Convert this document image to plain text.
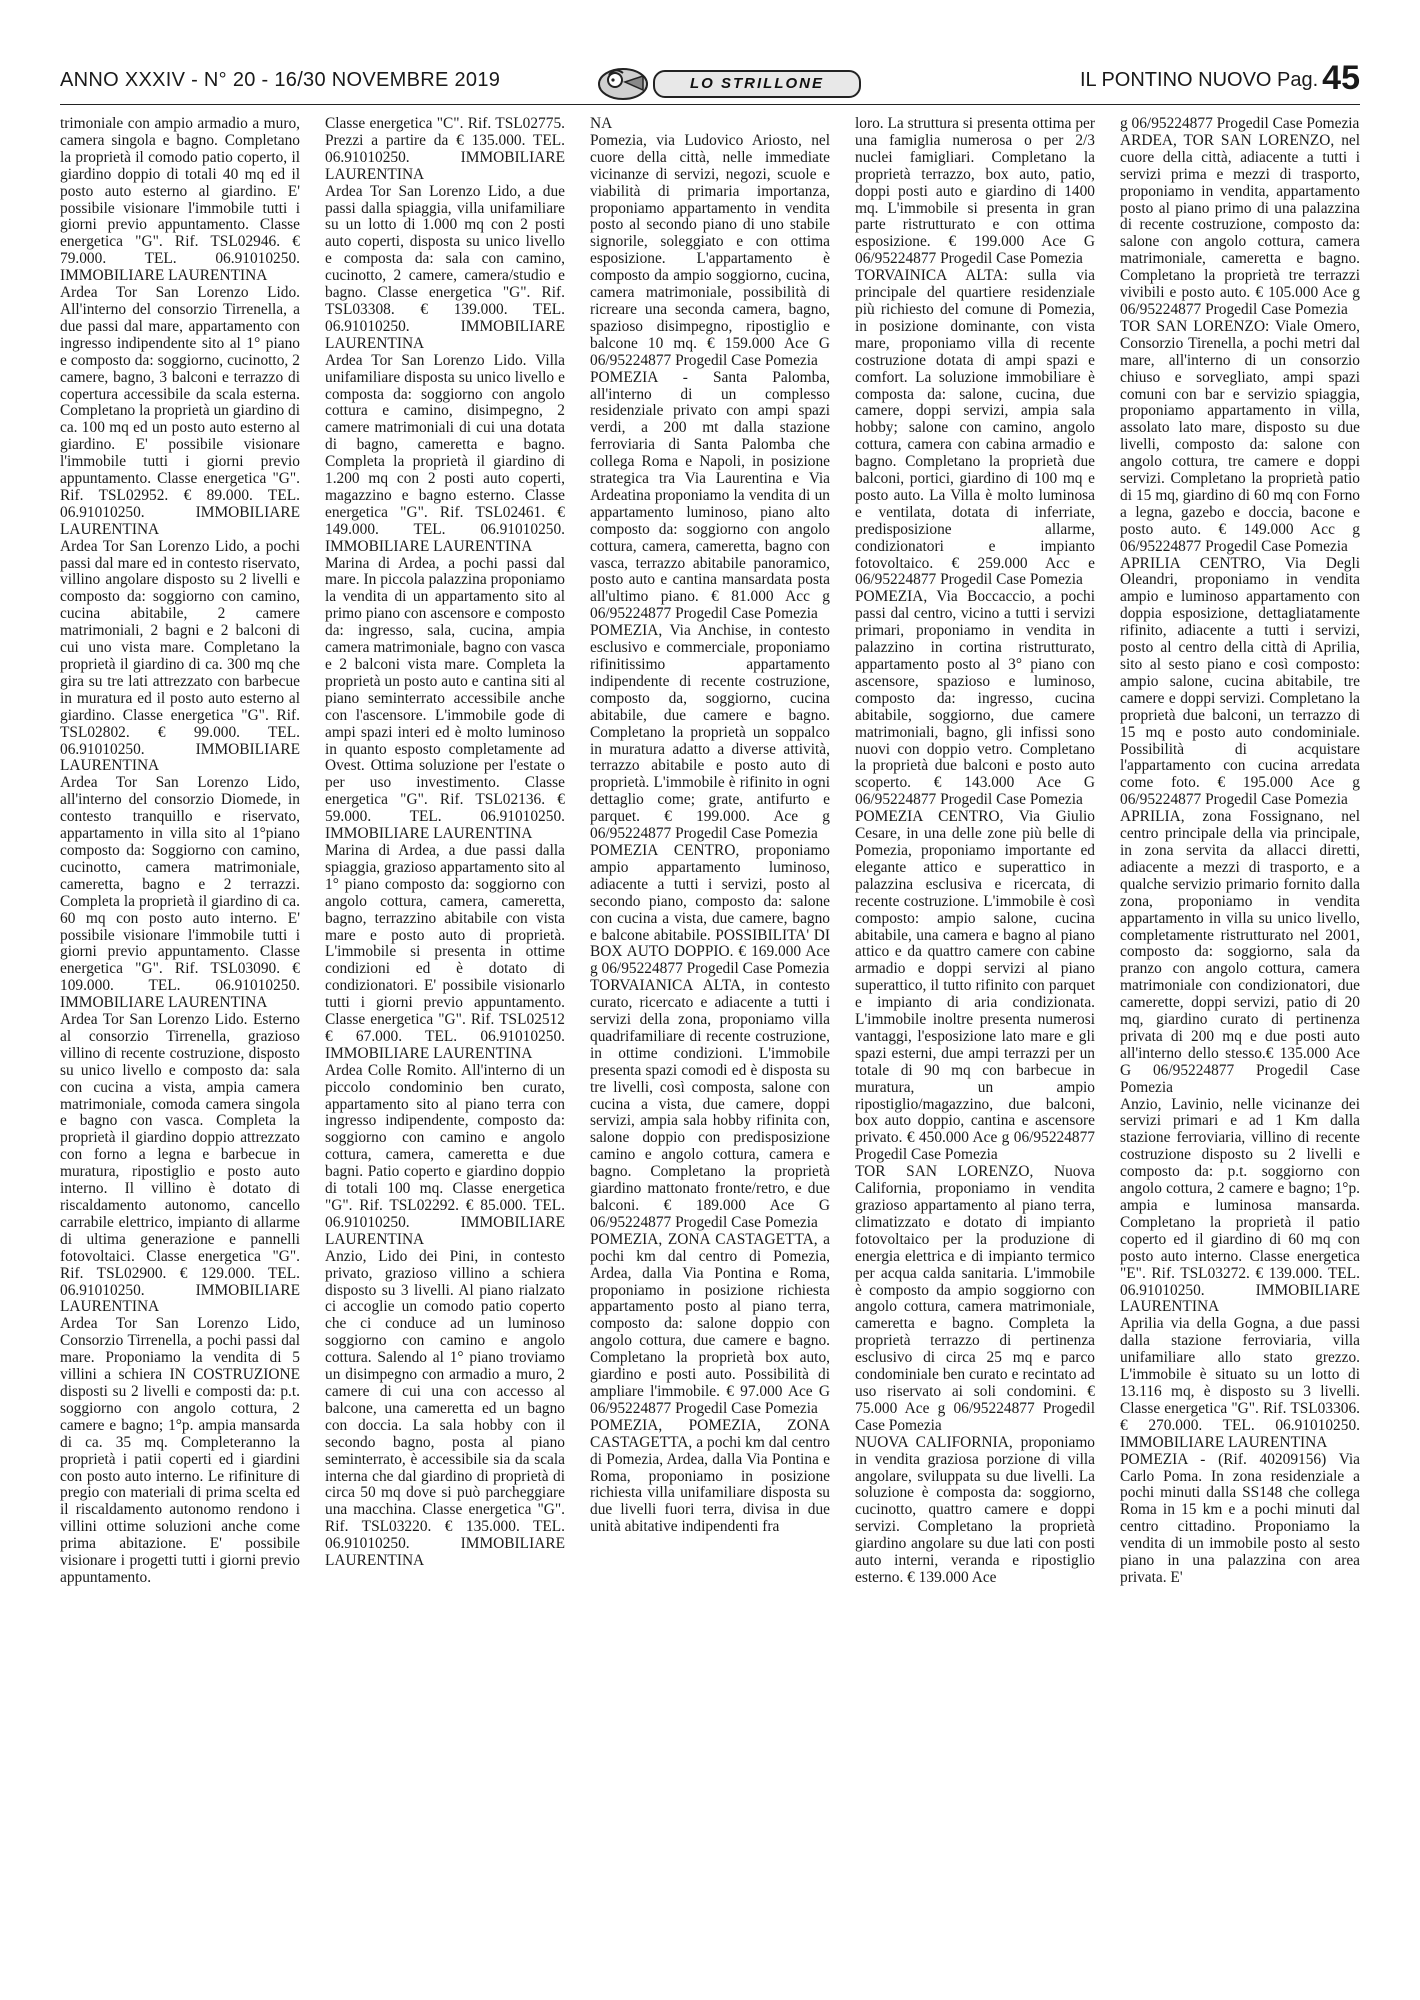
ANNO XXXIV - N° 20 - 16/30 NOVEMBRE 2019	LO STRILLONE	IL PONTINO NUOVO Pag. 45

trimoniale con ampio armadio a muro, camera singola e bagno. Completano la proprietà il comodo patio coperto, il giardino doppio di totali 40 mq ed il posto auto esterno al giardino. E' possibile visionare l'immobile tutti i giorni previo appuntamento. Classe energetica "G". Rif. TSL02946. € 79.000. TEL. 06.91010250. IMMOBILIARE LAURENTINA

Ardea Tor San Lorenzo Lido. All'interno del consorzio Tirrenella, a due passi dal mare, appartamento con ingresso indipendente sito al 1° piano e composto da: soggiorno, cucinotto, 2 camere, bagno, 3 balconi e terrazzo di copertura accessibile da scala esterna. Completano la proprietà un giardino di ca. 100 mq ed un posto auto esterno al giardino. E' possibile visionare l'immobile tutti i giorni previo appuntamento. Classe energetica "G". Rif. TSL02952. € 89.000. TEL. 06.91010250. IMMOBILIARE LAURENTINA

Ardea Tor San Lorenzo Lido, a pochi passi dal mare ed in contesto riservato, villino angolare disposto su 2 livelli e composto da: soggiorno con camino, cucina abitabile, 2 camere matrimoniali, 2 bagni e 2 balconi di cui uno vista mare. Completano la proprietà il giardino di ca. 300 mq che gira su tre lati attrezzato con barbecue in muratura ed il posto auto esterno al giardino. Classe energetica "G". Rif. TSL02802. € 99.000. TEL. 06.91010250. IMMOBILIARE LAURENTINA

Ardea Tor San Lorenzo Lido, all'interno del consorzio Diomede, in contesto tranquillo e riservato, appartamento in villa sito al 1°piano composto da: Soggiorno con camino, cucinotto, camera matrimoniale, cameretta, bagno e 2 terrazzi. Completa la proprietà il giardino di ca. 60 mq con posto auto interno. E' possibile visionare l'immobile tutti i giorni previo appuntamento. Classe energetica "G". Rif. TSL03090. € 109.000. TEL. 06.91010250. IMMOBILIARE LAURENTINA

Ardea Tor San Lorenzo Lido. Esterno al consorzio Tirrenella, grazioso villino di recente costruzione, disposto su unico livello e composto da: sala con cucina a vista, ampia camera matrimoniale, comoda camera singola e bagno con vasca. Completa la proprietà il giardino doppio attrezzato con forno a legna e barbecue in muratura, ripostiglio e posto auto interno. Il villino è dotato di riscaldamento autonomo, cancello carrabile elettrico, impianto di allarme di ultima generazione e pannelli fotovoltaici. Classe energetica "G". Rif. TSL02900. € 129.000. TEL. 06.91010250. IMMOBILIARE LAURENTINA

Ardea Tor San Lorenzo Lido, Consorzio Tirrenella, a pochi passi dal mare. Proponiamo la vendita di 5 villini a schiera IN COSTRUZIONE disposti su 2 livelli e composti da: p.t. soggiorno con angolo cottura, 2 camere e bagno; 1°p. ampia mansarda di ca. 35 mq. Completeranno la proprietà i patii coperti ed i giardini con posto auto interno. Le rifiniture di pregio con materiali di prima scelta ed il riscaldamento autonomo rendono i villini ottime soluzioni anche come prima abitazione. E' possibile visionare i progetti tutti i giorni previo appuntamento.

Classe energetica "C". Rif. TSL02775. Prezzi a partire da € 135.000. TEL. 06.91010250. IMMOBILIARE LAURENTINA

Ardea Tor San Lorenzo Lido, a due passi dalla spiaggia, villa unifamiliare su un lotto di 1.000 mq con 2 posti auto coperti, disposta su unico livello e composta da: sala con camino, cucinotto, 2 camere, camera/studio e bagno. Classe energetica "G". Rif. TSL03308. € 139.000. TEL. 06.91010250. IMMOBILIARE LAURENTINA

Ardea Tor San Lorenzo Lido. Villa unifamiliare disposta su unico livello e composta da: soggiorno con angolo cottura e camino, disimpegno, 2 camere matrimoniali di cui una dotata di bagno, cameretta e bagno. Completa la proprietà il giardino di 1.200 mq con 2 posti auto coperti, magazzino e bagno esterno. Classe energetica "G". Rif. TSL02461. € 149.000. TEL. 06.91010250. IMMOBILIARE LAURENTINA

Marina di Ardea, a pochi passi dal mare. In piccola palazzina proponiamo la vendita di un appartamento sito al primo piano con ascensore e composto da: ingresso, sala, cucina, ampia camera matrimoniale, bagno con vasca e 2 balconi vista mare. Completa la proprietà un posto auto e cantina siti al piano seminterrato accessibile anche con l'ascensore. L'immobile gode di ampi spazi interi ed è molto luminoso in quanto esposto completamente ad Ovest. Ottima soluzione per l'estate o per uso investimento. Classe energetica "G". Rif. TSL02136. € 59.000. TEL. 06.91010250. IMMOBILIARE LAURENTINA

Marina di Ardea, a due passi dalla spiaggia, grazioso appartamento sito al 1° piano composto da: soggiorno con angolo cottura, camera, cameretta, bagno, terrazzino abitabile con vista mare e posto auto di proprietà. L'immobile si presenta in ottime condizioni ed è dotato di condizionatori. E' possibile visionarlo tutti i giorni previo appuntamento. Classe energetica "G". Rif. TSL02512 € 67.000. TEL. 06.91010250. IMMOBILIARE LAURENTINA

Ardea Colle Romito. All'interno di un piccolo condominio ben curato, appartamento sito al piano terra con ingresso indipendente, composto da: soggiorno con camino e angolo cottura, camera, cameretta e due bagni. Patio coperto e giardino doppio di totali 100 mq. Classe energetica "G". Rif. TSL02292. € 85.000. TEL. 06.91010250. IMMOBILIARE LAURENTINA

Anzio, Lido dei Pini, in contesto privato, grazioso villino a schiera disposto su 3 livelli. Al piano rialzato ci accoglie un comodo patio coperto che ci conduce ad un luminoso soggiorno con camino e angolo cottura. Salendo al 1° piano troviamo un disimpegno con armadio a muro, 2 camere di cui una con accesso al balcone, una cameretta ed un bagno con doccia. La sala hobby con il secondo bagno, posta al piano seminterrato, è accessibile sia da scala interna che dal giardino di proprietà di circa 50 mq dove si può parcheggiare una macchina. Classe energetica "G". Rif. TSL03220. € 135.000. TEL. 06.91010250. IMMOBILIARE LAURENTINA

NA

Pomezia, via Ludovico Ariosto, nel cuore della città, nelle immediate vicinanze di servizi, negozi, scuole e viabilità di primaria importanza, proponiamo appartamento in vendita posto al secondo piano di uno stabile signorile, soleggiato e con ottima esposizione. L'appartamento è composto da ampio soggiorno, cucina, camera matrimoniale, possibilità di ricreare una seconda camera, bagno, spazioso disimpegno, ripostiglio e balcone 10 mq. € 159.000 Ace G 06/95224877 Progedil Case Pomezia

POMEZIA - Santa Palomba, all'interno di un complesso residenziale privato con ampi spazi verdi, a 200 mt dalla stazione ferroviaria di Santa Palomba che collega Roma e Napoli, in posizione strategica tra Via Laurentina e Via Ardeatina proponiamo la vendita di un appartamento luminoso, piano alto composto da: soggiorno con angolo cottura, camera, cameretta, bagno con vasca, terrazzo abitabile panoramico, posto auto e cantina mansardata posta all'ultimo piano. € 81.000 Acc g 06/95224877 Progedil Case Pomezia

POMEZIA, Via Anchise, in contesto esclusivo e commerciale, proponiamo rifinitissimo appartamento indipendente di recente costruzione, composto da, soggiorno, cucina abitabile, due camere e bagno. Completano la proprietà un soppalco in muratura adatto a diverse attività, terrazzo abitabile e posto auto di proprietà. L'immobile è rifinito in ogni dettaglio come; grate, antifurto e parquet. € 199.000. Ace g 06/95224877 Progedil Case Pomezia

POMEZIA CENTRO, proponiamo ampio appartamento luminoso, adiacente a tutti i servizi, posto al secondo piano, composto da: salone con cucina a vista, due camere, bagno e balcone abitabile. POSSIBILITA' DI BOX AUTO DOPPIO. € 169.000 Ace g 06/95224877 Progedil Case Pomezia

TORVAIANICA ALTA, in contesto curato, ricercato e adiacente a tutti i servizi della zona, proponiamo villa quadrifamiliare di recente costruzione, in ottime condizioni. L'immobile presenta spazi comodi ed è disposta su tre livelli, così composta, salone con cucina a vista, due camere, doppi servizi, ampia sala hobby rifinita con, salone doppio con predisposizione camino e angolo cottura, camera e bagno. Completano la proprietà giardino mattonato fronte/retro, e due balconi. € 189.000 Ace G 06/95224877 Progedil Case Pomezia

POMEZIA, ZONA CASTAGETTA, a pochi km dal centro di Pomezia, Ardea, dalla Via Pontina e Roma, proponiamo in posizione richiesta appartamento posto al piano terra, composto da: salone doppio con angolo cottura, due camere e bagno. Completano la proprietà box auto, giardino e posti auto. Possibilità di ampliare l'immobile. € 97.000 Ace G 06/95224877 Progedil Case Pomezia

POMEZIA, POMEZIA, ZONA CASTAGETTA, a pochi km dal centro di Pomezia, Ardea, dalla Via Pontina e Roma, proponiamo in posizione richiesta villa unifamiliare disposta su due livelli fuori terra, divisa in due unità abitative indipendenti fra

loro. La struttura si presenta ottima per una famiglia numerosa o per 2/3 nuclei famigliari. Completano la proprietà terrazzo, box auto, patio, doppi posti auto e giardino di 1400 mq. L'immobile si presenta in gran parte ristrutturato e con ottima esposizione. € 199.000 Ace G 06/95224877 Progedil Case Pomezia

TORVAINICA ALTA: sulla via principale del quartiere residenziale più richiesto del comune di Pomezia, in posizione dominante, con vista mare, proponiamo villa di recente costruzione dotata di ampi spazi e comfort. La soluzione immobiliare è composta da: salone, cucina, due camere, doppi servizi, ampia sala hobby; salone con camino, angolo cottura, camera con cabina armadio e bagno. Completano la proprietà due balconi, portici, giardino di 100 mq e posto auto. La Villa è molto luminosa e ventilata, dotata di inferriate, predisposizione allarme, condizionatori e impianto fotovoltaico. € 259.000 Acc e 06/95224877 Progedil Case Pomezia

POMEZIA, Via Boccaccio, a pochi passi dal centro, vicino a tutti i servizi primari, proponiamo in vendita in palazzino in cortina ristrutturato, appartamento posto al 3° piano con ascensore, spazioso e luminoso, composto da: ingresso, cucina abitabile, soggiorno, due camere matrimoniali, bagno, gli infissi sono nuovi con doppio vetro. Completano la proprietà due balconi e posto auto scoperto. € 143.000 Ace G 06/95224877 Progedil Case Pomezia

POMEZIA CENTRO, Via Giulio Cesare, in una delle zone più belle di Pomezia, proponiamo importante ed elegante attico e superattico in palazzina esclusiva e ricercata, di recente costruzione. L'immobile è così composto: ampio salone, cucina abitabile, una camera e bagno al piano attico e da quattro camere con cabine armadio e doppi servizi al piano superattico, il tutto rifinito con parquet e impianto di aria condizionata. L'immobile inoltre presenta numerosi vantaggi, l'esposizione lato mare e gli spazi esterni, due ampi terrazzi per un totale di 90 mq con barbecue in muratura, un ampio ripostiglio/magazzino, due balconi, box auto doppio, cantina e ascensore privato. € 450.000 Ace g 06/95224877 Progedil Case Pomezia

TOR SAN LORENZO, Nuova California, proponiamo in vendita grazioso appartamento al piano terra, climatizzato e dotato di impianto fotovoltaico per la produzione di energia elettrica e di impianto termico per acqua calda sanitaria. L'immobile è composto da ampio soggiorno con angolo cottura, camera matrimoniale, cameretta e bagno. Completa la proprietà terrazzo di pertinenza esclusivo di circa 25 mq e parco condominiale ben curato e recintato ad uso riservato ai soli condomini. € 75.000 Ace g 06/95224877 Progedil Case Pomezia

NUOVA CALIFORNIA, proponiamo in vendita graziosa porzione di villa angolare, sviluppata su due livelli. La soluzione è composta da: soggiorno, cucinotto, quattro camere e doppi servizi. Completano la proprietà giardino angolare su due lati con posti auto interni, veranda e ripostiglio esterno. € 139.000 Ace

g 06/95224877 Progedil Case Pomezia

ARDEA, TOR SAN LORENZO, nel cuore della città, adiacente a tutti i servizi prima e mezzi di trasporto, proponiamo in vendita, appartamento posto al piano primo di una palazzina di recente costruzione, composto da: salone con angolo cottura, camera matrimoniale, cameretta e bagno. Completano la proprietà tre terrazzi vivibili e posto auto. € 105.000 Ace g 06/95224877 Progedil Case Pomezia

TOR SAN LORENZO: Viale Omero, Consorzio Tirenella, a pochi metri dal mare, all'interno di un consorzio chiuso e sorvegliato, ampi spazi comuni con bar e servizio spiaggia, proponiamo appartamento in villa, assolato lato mare, disposto su due livelli, composto da: salone con angolo cottura, tre camere e doppi servizi. Completano la proprietà patio di 15 mq, giardino di 60 mq con Forno a legna, gazebo e doccia, bacone e posto auto. € 149.000 Acc g 06/95224877 Progedil Case Pomezia

APRILIA CENTRO, Via Degli Oleandri, proponiamo in vendita ampio e luminoso appartamento con doppia esposizione, dettagliatamente rifinito, adiacente a tutti i servizi, posto al centro della città di Aprilia, sito al sesto piano e così composto: ampio salone, cucina abitabile, tre camere e doppi servizi. Completano la proprietà due balconi, un terrazzo di 15 mq e posto auto condominiale. Possibilità di acquistare l'appartamento con cucina arredata come foto. € 195.000 Ace g 06/95224877 Progedil Case Pomezia

APRILIA, zona Fossignano, nel centro principale della via principale, in zona servita da allacci diretti, adiacente a mezzi di trasporto, e a qualche servizio primario fornito dalla zona, proponiamo in vendita appartamento in villa su unico livello, completamente ristrutturato nel 2001, composto da: soggiorno, sala da pranzo con angolo cottura, camera matrimoniale con condizionatori, due camerette, doppi servizi, patio di 20 mq, giardino curato di pertinenza privata di 200 mq e due posti auto all'interno dello stesso.€ 135.000 Ace G 06/95224877 Progedil Case Pomezia

Anzio, Lavinio, nelle vicinanze dei servizi primari e ad 1 Km dalla stazione ferroviaria, villino di recente costruzione disposto su 2 livelli e composto da: p.t. soggiorno con angolo cottura, 2 camere e bagno; 1°p. ampia e luminosa mansarda. Completano la proprietà il patio coperto ed il giardino di 60 mq con posto auto interno. Classe energetica "E". Rif. TSL03272. € 139.000. TEL. 06.91010250. IMMOBILIARE LAURENTINA

Aprilia via della Gogna, a due passi dalla stazione ferroviaria, villa unifamiliare allo stato grezzo. L'immobile è situato su un lotto di 13.116 mq, è disposto su 3 livelli. Classe energetica "G". Rif. TSL03306. € 270.000. TEL. 06.91010250. IMMOBILIARE LAURENTINA

POMEZIA - (Rif. 40209156) Via Carlo Poma. In zona residenziale a pochi minuti dalla SS148 che collega Roma in 15 km e a pochi minuti dal centro cittadino. Proponiamo la vendita di un immobile posto al sesto piano in una palazzina con area privata. E'
